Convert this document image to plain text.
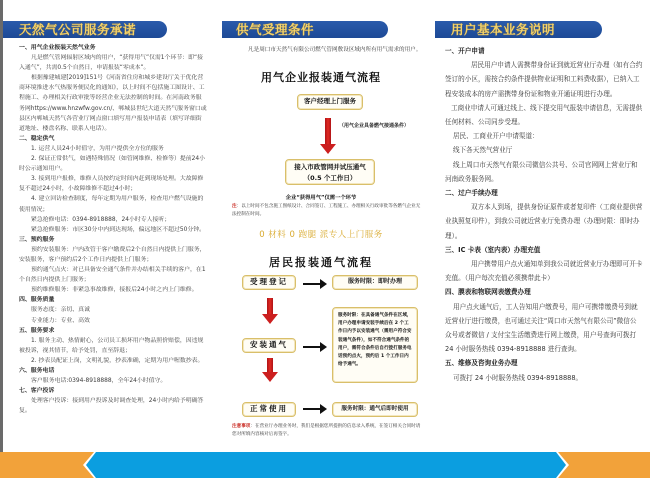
天然气公司服务承诺

一、用气企业报装天然气业务

凡是燃气管网辐射区域内的用户，“获得用气”仅需1个环节：即“接入通气”，共需0.5个自然日，申请报装“零成本”。

根据豫建城建[2019]151号《河南省住房和城乡建设厅关于优化营商环境推进水气热服务便民化的通知》，以上时间不包括施工图设计、工程施工、办理相关行政审批等经营企业无法控制的时间。在河南政务服务网https://www.hnzwfw.gov.cn/、郸城县世纪大道天然气服务窗口或县区内郸城天然气各营业厅网点窗口填写用户报装申请表（填写详细街道地址、楼盘名称、联系人电话）。

二、稳定供气

1. 运营人员24小时值守，为用户提供全方位的服务

2. 保证正常供气，如遇特殊情况（如管网维修、检修等）提前24小时公示通知用户。

3. 接到用户报修，维修人员按约定时间内赶到现场处理。大故障修复不超过24小时，小故障维修不超过4小时；

4. 建立回访检查制度，每年定期为用户服务，检查用户燃气设施的使用情况；

紧急抢修电话：0394-8918888，24小时专人接听；

紧急抢修服务：市区30分中内到达现场，偏远地区不超过50分钟。

三、预约服务

预约安装服务：户内改管于客户缴费后2个自然日内提供上门服务，安装服务，客户预约后2个工作日内提供上门服务；

预约通气点火：对已具备安全通气条件并办结相关手续的客户，在1个自然日内提供上门服务；

预约维修服务：非紧急事故维修，接报后24小时之内上门维修。

四、服务质量

服务态度：亲切、真诚

专业能力：专业、高效

五、服务要求

1. 服务主动、热情耐心，公司员工损坏用户物品照价赔偿，因违规被投诉，视其情节，给予处罚，直至辞退；

2. 抄表员配证上岗，文明礼貌，抄表准确，定期为用户喔数抄表。

六、服务电话

客户服务电话:0394-8918888，全年24小时值守。

七、客户投诉

处理客户投诉：接到用户投诉及时调查处理，24小时内给予明确答复。

供气受理条件
凡是周口市天然气有限公司燃气管网敷设区域内所有用气需求的用户。
用气企业报装通气流程
客户经理上门服务
（用气企业具备燃气接通条件）
接入市政管网并试压通气
（0.5 个工作日）
企业“获得用气”仅需一个环节
注：以上时间不包含施工图纸设计、合同签订、工程施工、办理相关行政审批等各燃气企业无法控制在时间。
0 材料 0 跑腿 派专人上门服务
居民报装通气流程
受理登记	服务时限：即时办理
安装通气
服务时限：在具备通气条件在区域，用户办理申请安装手续后在 2 个工作日内予以安装通气（需用户符合安装通气条件），如不符合通气条件的用户，需符合条件后自行拨打服务电话预约点火，预约后 1 个工作日内给予通气。
正常使用	服务时限：通气后即时使用
注意事项：在营业厅办理业务时，我们是根据您所提供的信息录入系统，在签订相关合同时请您对所填内容核对后再签字。
用户基本业务说明

一、开户申请

居民用户申请人需携带身份证到就近营业厅办理（如有合约签订的小区，需按合约条件提供物业证明和工料费收据），已纳入工程安装成本的房产需携带身份证和物业开通证明进行办理。

工商业申请人可通过线上、线下提交用气报装申请信息，无需提供任何材料、公司同步受理。

居民、工商业开户申请渠道：

线下各天然气营业厅

线上周口市天然气有限公司微信公共号、公司官网网上营业厅和河南政务服务网。

二、过户手续办理

双方本人到场，提供身份证原件或者复印件（工商业提供营业执照复印件），到我公司就近营业厅免费办理（办理时限：即时办理）。

三、IC 卡表（室内表）办理充值

用户携带用户点火通知单到我公司就近营业厅办理即可开卡充值。（用户每次充值必须携带此卡）

四、膜表和物联网表缴费办理

用户点火通气后，工人告知用户缴费号，用户可携带缴费号到就近营业厅进行缴费，也可通过关注“周口市天然气有限公司”微信公众号或者微信 / 支付宝生活缴费进行网上缴费，用户号查询可拨打 24 小时服务热线 0394-8918888 进行查询。

五、维修及咨询业务办理

可拨打 24 小时服务热线 0394-8918888。
